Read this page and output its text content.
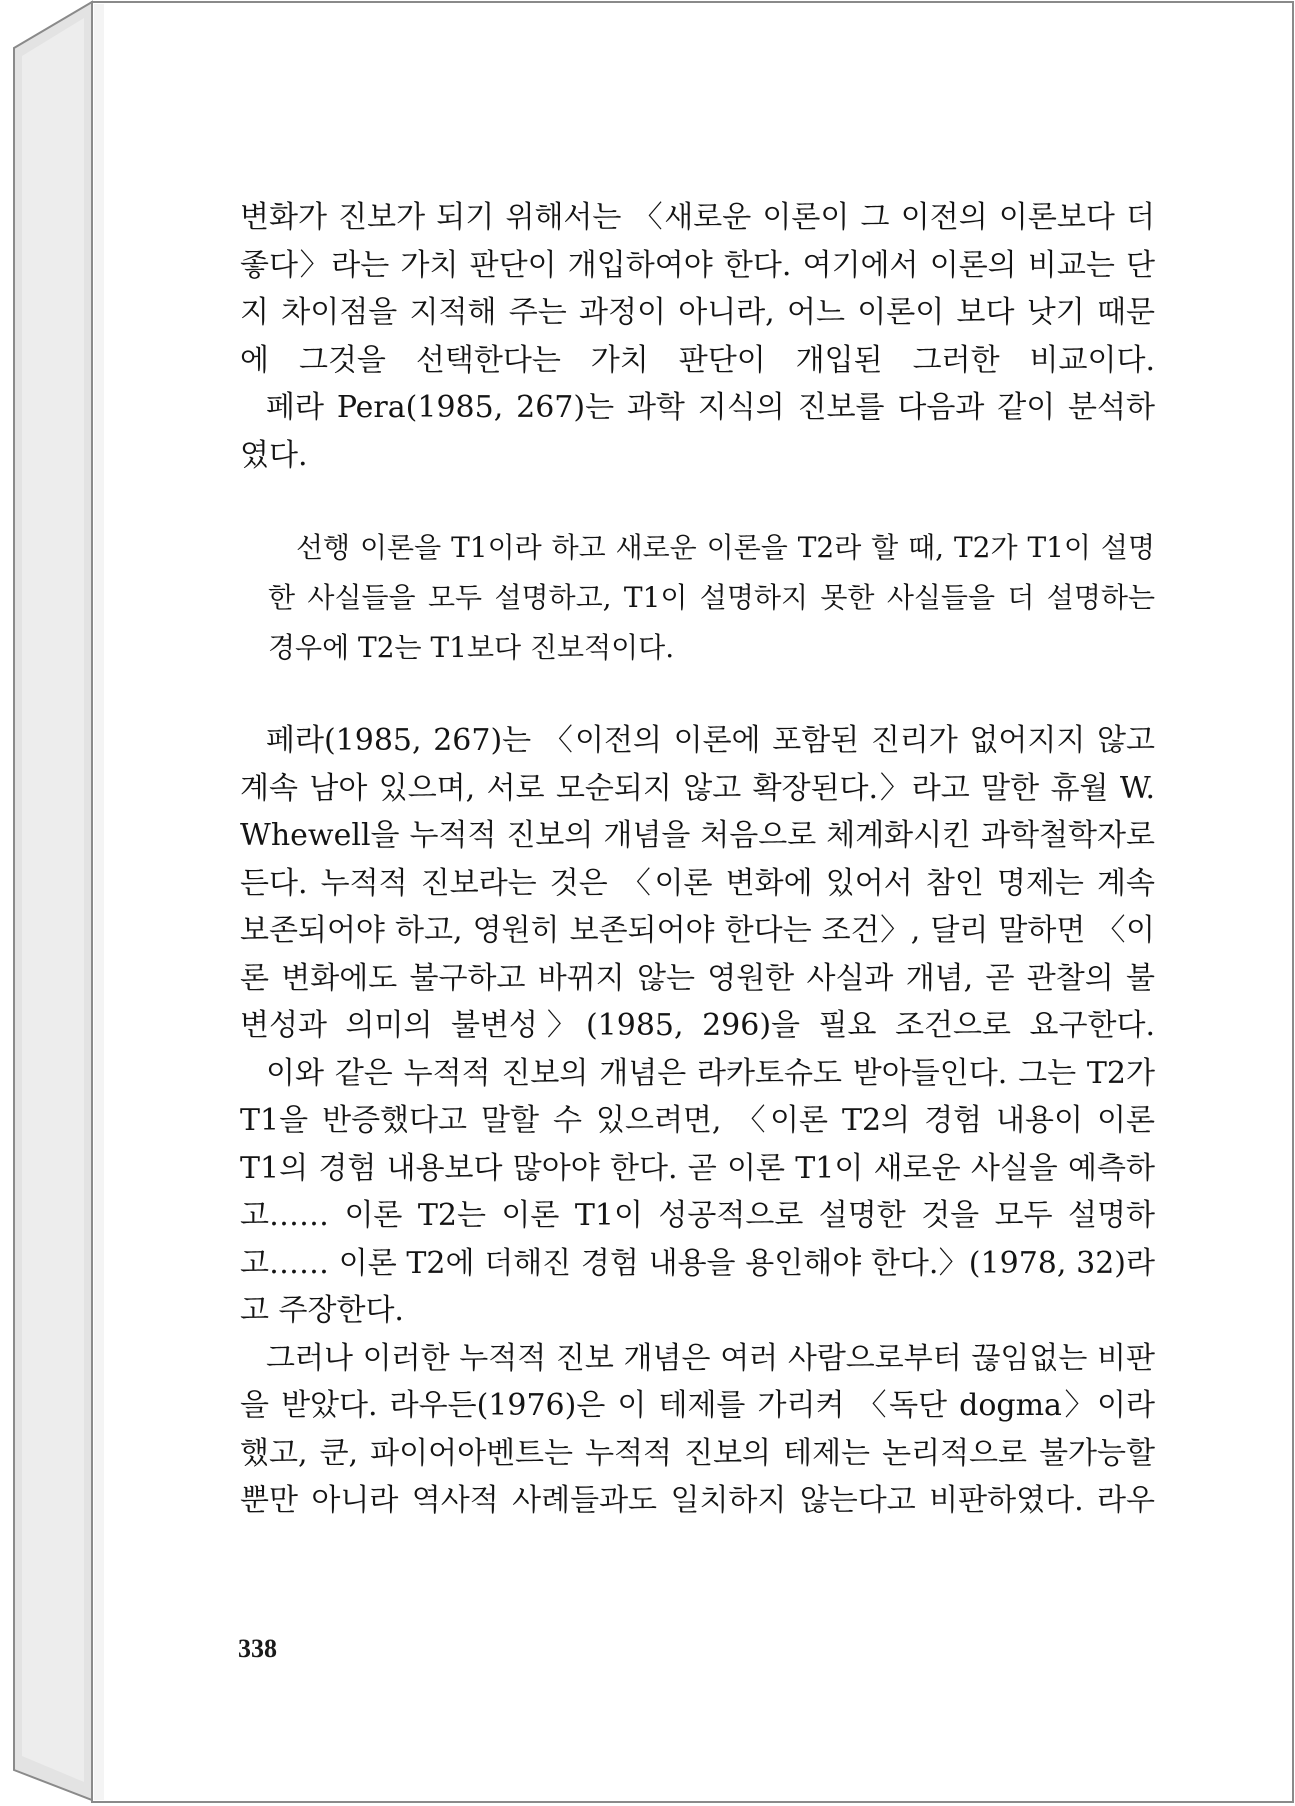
변화가 진보가 되기 위해서는 〈새로운 이론이 그 이전의 이론보다 더 좋다〉라는 가치 판단이 개입하여야 한다. 여기에서 이론의 비교는 단지 차이점을 지적해 주는 과정이 아니라, 어느 이론이 보다 낫기 때문에 그것을 선택한다는 가치 판단이 개입된 그러한 비교이다.

페라 Pera(1985, 267)는 과학 지식의 진보를 다음과 같이 분석하였다.

선행 이론을 T1이라 하고 새로운 이론을 T2라 할 때, T2가 T1이 설명한 사실들을 모두 설명하고, T1이 설명하지 못한 사실들을 더 설명하는 경우에 T2는 T1보다 진보적이다.

페라(1985, 267)는 〈이전의 이론에 포함된 진리가 없어지지 않고 계속 남아 있으며, 서로 모순되지 않고 확장된다.〉라고 말한 휴월 W. Whewell을 누적적 진보의 개념을 처음으로 체계화시킨 과학철학자로 든다. 누적적 진보라는 것은 〈이론 변화에 있어서 참인 명제는 계속 보존되어야 하고, 영원히 보존되어야 한다는 조건〉, 달리 말하면 〈이론 변화에도 불구하고 바뀌지 않는 영원한 사실과 개념, 곧 관찰의 불변성과 의미의 불변성〉(1985, 296)을 필요 조건으로 요구한다.

이와 같은 누적적 진보의 개념은 라카토슈도 받아들인다. 그는 T2가 T1을 반증했다고 말할 수 있으려면, 〈이론 T2의 경험 내용이 이론 T1의 경험 내용보다 많아야 한다. 곧 이론 T1이 새로운 사실을 예측하고…… 이론 T2는 이론 T1이 성공적으로 설명한 것을 모두 설명하고…… 이론 T2에 더해진 경험 내용을 용인해야 한다.〉(1978, 32)라고 주장한다.

그러나 이러한 누적적 진보 개념은 여러 사람으로부터 끊임없는 비판을 받았다. 라우든(1976)은 이 테제를 가리켜 〈독단 dogma〉이라 했고, 쿤, 파이어아벤트는 누적적 진보의 테제는 논리적으로 불가능할 뿐만 아니라 역사적 사례들과도 일치하지 않는다고 비판하였다. 라우

338
